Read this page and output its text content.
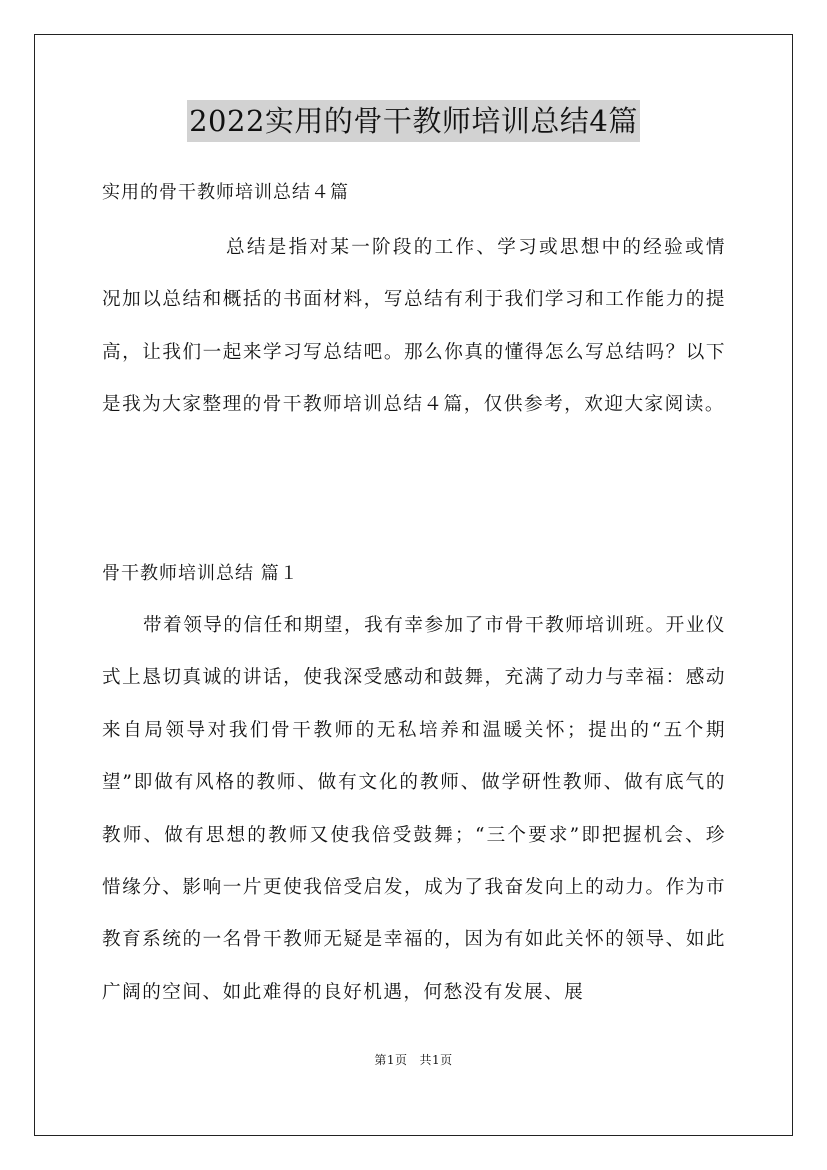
2022实用的骨干教师培训总结4篇
实用的骨干教师培训总结４篇
总结是指对某一阶段的工作、学习或思想中的经验或情况加以总结和概括的书面材料，写总结有利于我们学习和工作能力的提高，让我们一起来学习写总结吧。那么你真的懂得怎么写总结吗？以下是我为大家整理的骨干教师培训总结４篇，仅供参考，欢迎大家阅读。
骨干教师培训总结 篇１
带着领导的信任和期望，我有幸参加了市骨干教师培训班。开业仪式上恳切真诚的讲话，使我深受感动和鼓舞，充满了动力与幸福：感动来自局领导对我们骨干教师的无私培养和温暖关怀；提出的“五个期望”即做有风格的教师、做有文化的教师、做学研性教师、做有底气的教师、做有思想的教师又使我倍受鼓舞；“三个要求”即把握机会、珍惜缘分、影响一片更使我倍受启发，成为了我奋发向上的动力。作为市教育系统的一名骨干教师无疑是幸福的，因为有如此关怀的领导、如此广阔的空间、如此难得的良好机遇，何愁没有发展、展
第1页 共1页
